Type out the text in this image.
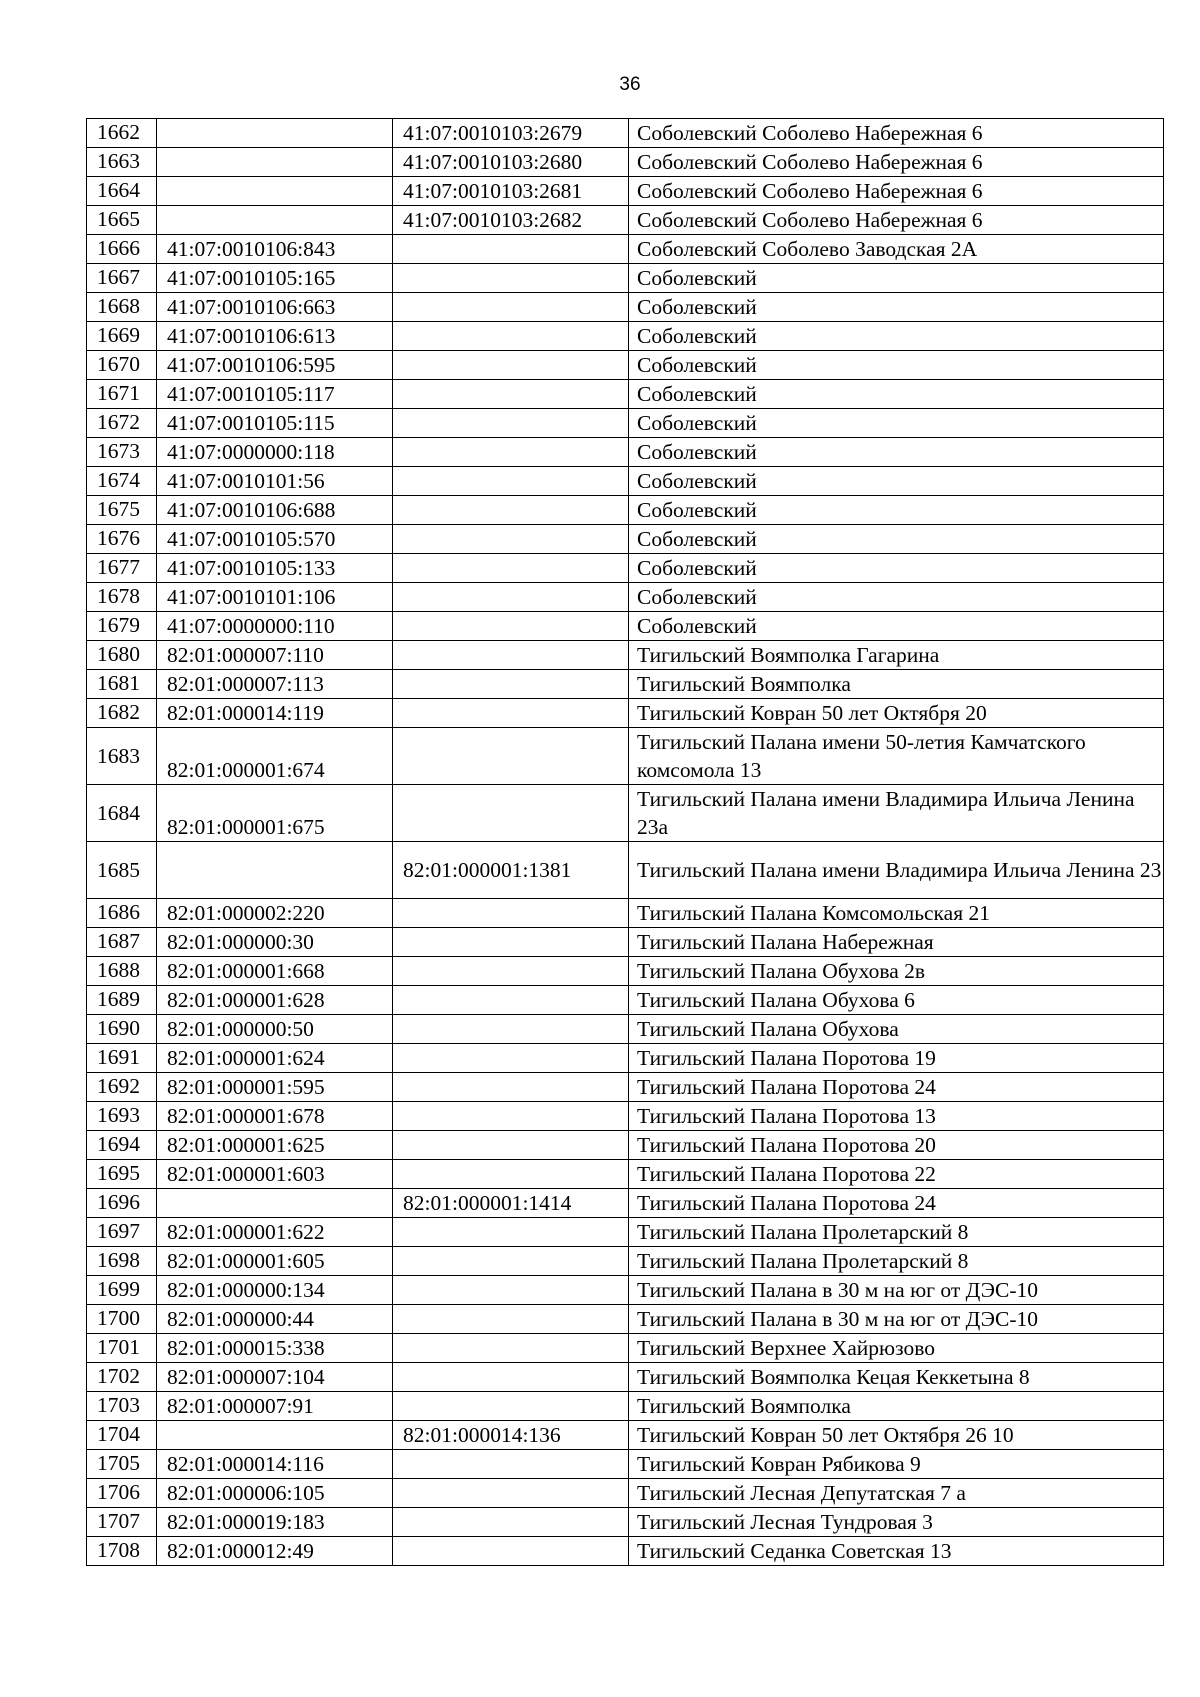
36
1662		41:07:0010103:2679	Соболевский Соболево Набережная 6
1663		41:07:0010103:2680	Соболевский Соболево Набережная 6
1664		41:07:0010103:2681	Соболевский Соболево Набережная 6
1665		41:07:0010103:2682	Соболевский Соболево Набережная 6
1666	41:07:0010106:843		Соболевский Соболево Заводская 2А
1667	41:07:0010105:165		Соболевский
1668	41:07:0010106:663		Соболевский
1669	41:07:0010106:613		Соболевский
1670	41:07:0010106:595		Соболевский
1671	41:07:0010105:117		Соболевский
1672	41:07:0010105:115		Соболевский
1673	41:07:0000000:118		Соболевский
1674	41:07:0010101:56		Соболевский
1675	41:07:0010106:688		Соболевский
1676	41:07:0010105:570		Соболевский
1677	41:07:0010105:133		Соболевский
1678	41:07:0010101:106		Соболевский
1679	41:07:0000000:110		Соболевский
1680	82:01:000007:110		Тигильский Воямполка Гагарина
1681	82:01:000007:113		Тигильский Воямполка
1682	82:01:000014:119		Тигильский Ковран 50 лет Октября 20
1683	82:01:000001:674		Тигильский Палана имени 50-летия Камчатского комсомола 13
1684	82:01:000001:675		Тигильский Палана имени Владимира Ильича Ленина 23а
1685		82:01:000001:1381	Тигильский Палана имени Владимира Ильича Ленина 23
1686	82:01:000002:220		Тигильский Палана Комсомольская 21
1687	82:01:000000:30		Тигильский Палана Набережная
1688	82:01:000001:668		Тигильский Палана Обухова 2в
1689	82:01:000001:628		Тигильский Палана Обухова 6
1690	82:01:000000:50		Тигильский Палана Обухова
1691	82:01:000001:624		Тигильский Палана Поротова 19
1692	82:01:000001:595		Тигильский Палана Поротова 24
1693	82:01:000001:678		Тигильский Палана Поротова 13
1694	82:01:000001:625		Тигильский Палана Поротова 20
1695	82:01:000001:603		Тигильский Палана Поротова 22
1696		82:01:000001:1414	Тигильский Палана Поротова 24
1697	82:01:000001:622		Тигильский Палана Пролетарский 8
1698	82:01:000001:605		Тигильский Палана Пролетарский 8
1699	82:01:000000:134		Тигильский Палана в 30 м на юг от ДЭС-10
1700	82:01:000000:44		Тигильский Палана в 30 м на юг от ДЭС-10
1701	82:01:000015:338		Тигильский Верхнее Хайрюзово
1702	82:01:000007:104		Тигильский Воямполка Кецая Кеккетына 8
1703	82:01:000007:91		Тигильский Воямполка
1704		82:01:000014:136	Тигильский Ковран 50 лет Октября 26 10
1705	82:01:000014:116		Тигильский Ковран Рябикова 9
1706	82:01:000006:105		Тигильский Лесная Депутатская 7 а
1707	82:01:000019:183		Тигильский Лесная Тундровая 3
1708	82:01:000012:49		Тигильский Седанка Советская 13
